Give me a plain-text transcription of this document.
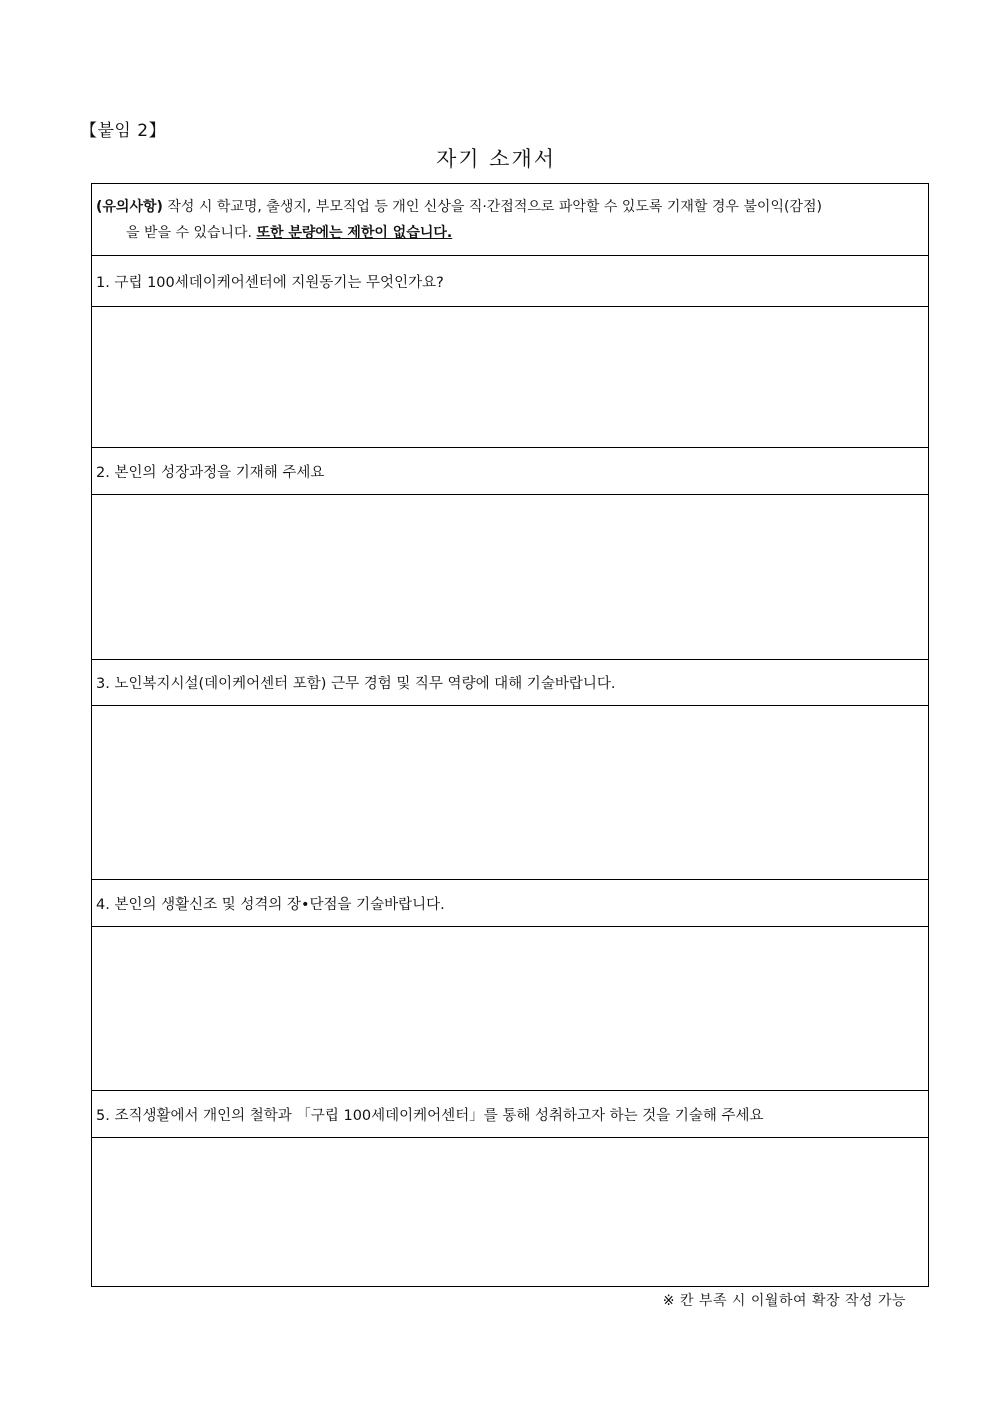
【붙임 2】
자기 소개서
(유의사항) 작성 시 학교명, 출생지, 부모직업 등 개인 신상을 직·간접적으로 파악할 수 있도록 기재할 경우 불이익(감점)
을 받을 수 있습니다. 또한 분량에는 제한이 없습니다.
1. 구립 100세데이케어센터에 지원동기는 무엇인가요?
2. 본인의 성장과정을 기재해 주세요
3. 노인복지시설(데이케어센터 포함) 근무 경험 및 직무 역량에 대해 기술바랍니다.
4. 본인의 생활신조 및 성격의 장•단점을 기술바랍니다.
5. 조직생활에서 개인의 철학과 「구립 100세데이케어센터」를 통해 성취하고자 하는 것을 기술해 주세요
※ 칸 부족 시 이월하여 확장 작성 가능
